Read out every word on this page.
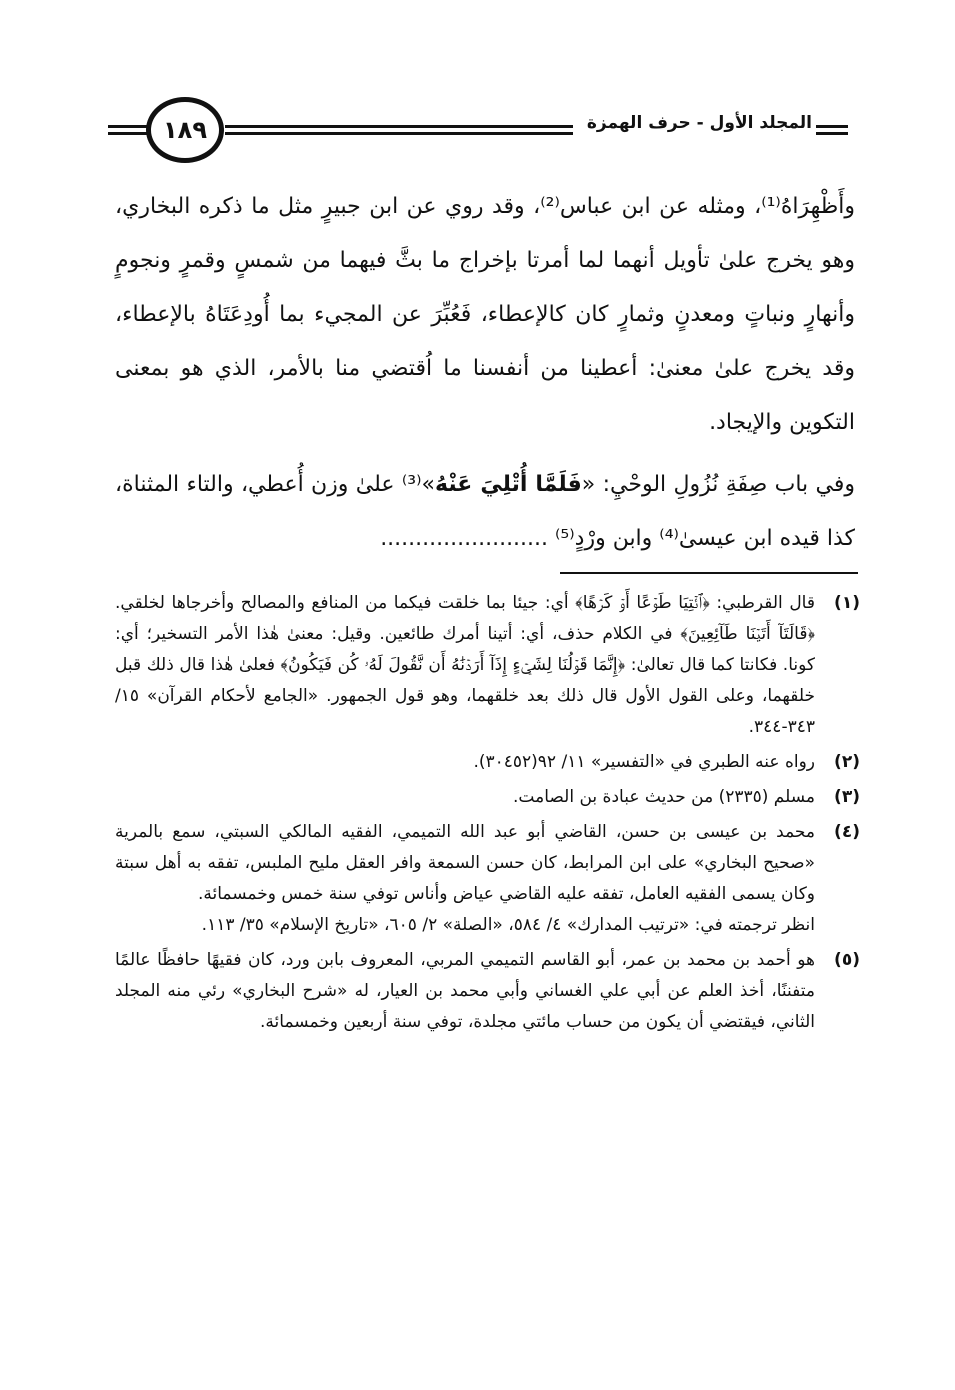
١٨٩	المجلد الأول - حرف الهمزة

وأَظْهِرَاهُ⁽¹⁾، ومثله عن ابن عباس⁽²⁾، وقد روي عن ابن جبيرٍ مثل ما ذكره البخاري، وهو يخرج علىٰ تأويل أنهما لما أمرتا بإخراج ما بثَّ فيهما من شمسٍ وقمرٍ ونجومٍ وأنهارٍ ونباتٍ ومعدنٍ وثمارٍ كان كالإعطاء، فَعُبِّرَ عن المجيء بما أُودِعَتَاهُ بالإعطاء، وقد يخرج علىٰ معنىٰ: أعطينا من أنفسنا ما اُقتضي منا بالأمر، الذي هو بمعنى التكوين والإيجاد.

وفي باب صِفَةِ نُزُولِ الوحْيِ: «فَلَمَّا أُتْلِيَ عَنْهُ»⁽³⁾ علىٰ وزن أُعطي، والتاء المثناة، كذا قيده ابن عيسىٰ⁽⁴⁾ وابن ورْدٍ⁽⁵⁾ ........................

(١)

قال القرطبي: ﴿ٱئۡتِيَا طَوۡعًا أَوۡ كَرۡهًا﴾ أي: جيئا بما خلقت فيكما من المنافع والمصالح وأخرجاها لخلقي. ﴿قَالَتَآ أَتَيۡنَا طَآئِعِينَ﴾ في الكلام حذف، أي: أتينا أمرك طائعين. وقيل: معنىٰ هٰذا الأمر التسخير؛ أي: كونا. فكانتا كما قال تعالىٰ: ﴿إِنَّمَا قَوۡلُنَا لِشَيۡءٍ إِذَآ أَرَدۡنَٰهُ أَن نَّقُولَ لَهُۥ كُن فَيَكُونُ﴾ فعلىٰ هٰذا قال ذلك قبل خلقهما، وعلى القول الأول قال ذلك بعد خلقهما، وهو قول الجمهور. «الجامع لأحكام القرآن» ١٥/ ٣٤٣-٣٤٤.

(٢)

رواه عنه الطبري في «التفسير» ١١/ ٩٢(٣٠٤٥٢).

(٣)

مسلم (٢٣٣٥) من حديث عبادة بن الصامت.

(٤)

محمد بن عيسى بن حسن، القاضي أبو عبد الله التميمي، الفقيه المالكي السبتي، سمع بالمرية «صحيح البخاري» على ابن المرابط، كان حسن السمعة وافر العقل مليح الملبس، تفقه به أهل سبتة وكان يسمى الفقيه العامل، تفقه عليه القاضي عياض وأناس توفي سنة خمس وخمسمائة.

انظر ترجمته في: «ترتيب المدارك» ٤/ ٥٨٤، «الصلة» ٢/ ٦٠٥، «تاريخ الإسلام» ٣٥/ ١١٣.

(٥)

هو أحمد بن محمد بن عمر، أبو القاسم التميمي المربي، المعروف بابن ورد، كان فقيهًا حافظًا عالمًا متفننًا، أخذ العلم عن أبي علي الغساني وأبي محمد بن العيار، له «شرح البخاري» رئي منه المجلد الثاني، فيقتضي أن يكون من حساب مائتي مجلدة، توفي سنة أربعين وخمسمائة.
